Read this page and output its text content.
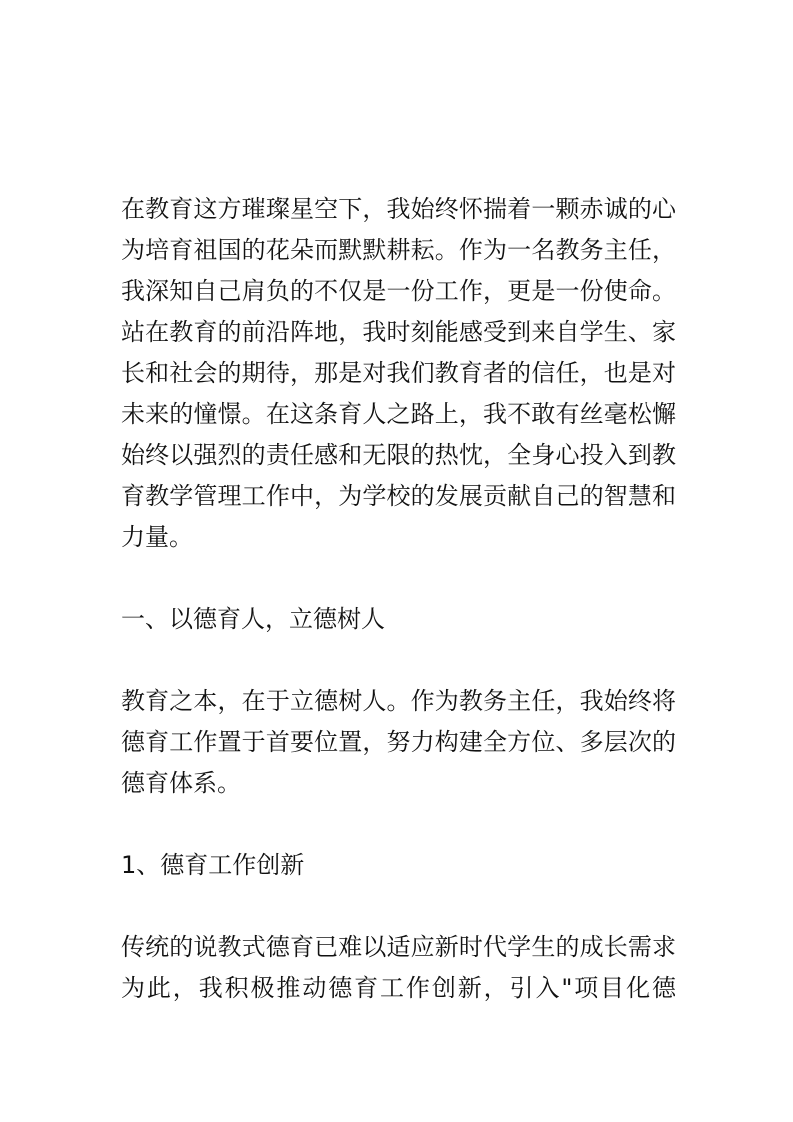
在教育这方璀璨星空下，我始终怀揣着一颗赤诚的心
为培育祖国的花朵而默默耕耘。作为一名教务主任，
我深知自己肩负的不仅是一份工作，更是一份使命。
站在教育的前沿阵地，我时刻能感受到来自学生、家
长和社会的期待，那是对我们教育者的信任，也是对
未来的憧憬。在这条育人之路上，我不敢有丝毫松懈
始终以强烈的责任感和无限的热忱，全身心投入到教
育教学管理工作中，为学校的发展贡献自己的智慧和
力量。
一、以德育人，立德树人
教育之本，在于立德树人。作为教务主任，我始终将
德育工作置于首要位置，努力构建全方位、多层次的
德育体系。
1、德育工作创新
传统的说教式德育已难以适应新时代学生的成长需求
为此，我积极推动德育工作创新，引入"项目化德
